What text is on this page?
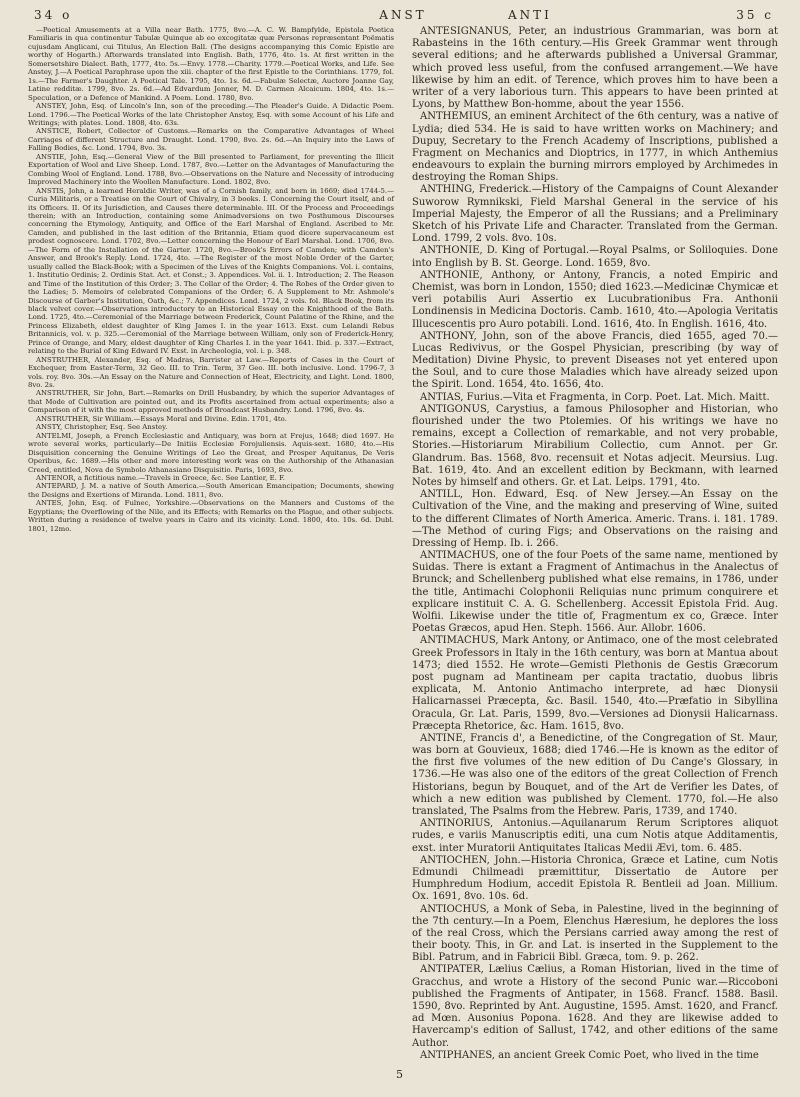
34 o	ANST	ANTI	35 c

—Poetical Amusements at a Villa near Bath. 1775, 8vo.—A. C. W. Bampfylde, Epistola Poetica Familiaris in qua continentur Tabulæ Quinque ab eo excogitatæ quæ Personas repræsentant Poëmatis cujusdam Anglicani, cui Titulus, An Election Ball. (The designs accompanying this Comic Epistle are worthy of Hogarth.) Afterwards translated into English. Bath, 1776, 4to. 1s. At first written in the Somersetshire Dialect. Bath, 1777, 4to. 5s.—Envy. 1778.—Charity. 1779.—Poetical Works, and Life. See Anstey, J.—A Poetical Paraphrase upon the xiii. chapter of the first Epistle to the Corinthians. 1779, fol. 1s.—The Farmer's Daughter. A Poetical Tale. 1795, 4to. 1s. 6d.—Fabulæ Selectæ, Auctore Joanne Gay, Latine redditæ. 1799, 8vo. 2s. 6d.—Ad Edvardum Jenner, M. D. Carmen Alcaicum. 1804, 4to. 1s.—Speculation, or a Defence of Mankind. A Poem. Lond. 1780, 8vo.

ANSTEY, John, Esq. of Lincoln's Inn, son of the preceding.—The Pleader's Guide. A Didactic Poem. Lond. 1796.—The Poetical Works of the late Christopher Anstey, Esq. with some Account of his Life and Writings; with plates. Lond. 1808, 4to. 63s.

ANSTICE, Robert, Collector of Customs.—Remarks on the Comparative Advantages of Wheel Carriages of different Structure and Draught. Lond. 1790, 8vo. 2s. 6d.—An Inquiry into the Laws of Falling Bodies, &c. Lond. 1794, 8vo. 3s.

ANSTIE, John, Esq.—General View of the Bill presented to Parliament, for preventing the Illicit Exportation of Wool and Live Sheep. Lond. 1787, 8vo.—Letter on the Advantages of Manufacturing the Combing Wool of England. Lond. 1788, 8vo.—Observations on the Nature and Necessity of introducing Improved Machinery into the Woollen Manufacture. Lond. 1802, 8vo.

ANSTIS, John, a learned Heraldic Writer, was of a Cornish family, and born in 1669; died 1744-5.—Curia Militaris, or a Treatise on the Court of Chivalry, in 3 books. I. Concerning the Court itself, and of its Officers. II. Of its Jurisdiction, and Causes there determinable. III. Of the Process and Proceedings therein; with an Introduction, containing some Animadversions on two Posthumous Discourses concerning the Etymology, Antiquity, and Office of the Earl Marshal of England. Ascribed to Mr. Camden, and published in the last edition of the Britannia, Etiam quod dicere supervacaneum est prodest cognoscere. Lond. 1702, 8vo.—Letter concerning the Honour of Earl Marshal. Lond. 1706, 8vo.—The Form of the Installation of the Garter. 1720, 8vo.—Brook's Errors of Camden; with Camden's Answer, and Brook's Reply. Lond. 1724, 4to. —The Register of the most Noble Order of the Garter, usually called the Black-Book; with a Specimen of the Lives of the Knights Companions. Vol. i. contains, 1. Institutio Ordinis; 2. Ordinis Stat. Act. et Const.; 3. Appendices. Vol. ii. 1. Introduction; 2. The Reason and Time of the Institution of this Order; 3. The Collar of the Order; 4. The Robes of the Order given to the Ladies; 5. Memoirs of celebrated Companions of the Order; 6. A Supplement to Mr. Ashmole's Discourse of Garber's Institution, Oath, &c.; 7. Appendices. Lond. 1724, 2 vols. fol. Black Book, from its black velvet cover.—Observations introductory to an Historical Essay on the Knighthood of the Bath. Lond. 1725, 4to.—Ceremonial of the Marriage between Frederick, Count Palatine of the Rhine, and the Princess Elizabeth, eldest daughter of King James I. in the year 1613. Exst. cum Lelandi Rebus Britannicis, vol. v. p. 325.—Ceremonial of the Marriage between William, only son of Frederick-Henry, Prince of Orange, and Mary, eldest daughter of King Charles I. in the year 1641. Ibid. p. 337.—Extract, relating to the Burial of King Edward IV. Exst. in Archeologia, vol. i. p. 348.

ANSTRUTHER, Alexander, Esq. of Madras, Barrister at Law.—Reports of Cases in the Court of Exchequer, from Easter-Term, 32 Geo. III. to Trin. Term, 37 Geo. III. both inclusive. Lond. 1796-7, 3 vols. roy. 8vo. 30s.—An Essay on the Nature and Connection of Heat, Electricity, and Light. Lond. 1800, 8vo. 2s.

ANSTRUTHER, Sir John, Bart.—Remarks on Drill Husbandry, by which the superior Advantages of that Mode of Cultivation are pointed out, and its Profits ascertained from actual experiments; also a Comparison of it with the most approved methods of Broadcast Husbandry. Lond. 1796, 8vo. 4s.

ANSTRUTHER, Sir William.—Essays Moral and Divine. Edin. 1701, 4to.

ANSTY, Christopher, Esq. See Anstey.

ANTELMI, Joseph, a French Ecclesiastic and Antiquary, was born at Frejus, 1648; died 1697. He wrote several works, particularly—De Initiis Ecclesiæ Forojuliensis. Aquis-sext. 1680, 4to.—His Disquisition concerning the Genuine Writings of Leo the Great, and Prosper Aquitanus, De Veris Operibus, &c. 1689.—His other and more interesting work was on the Authorship of the Athanasian Creed, entitled, Nova de Symbolo Athanasiano Disquisitio. Paris, 1693, 8vo.

ANTENOR, a fictitious name.—Travels in Greece, &c. See Lantier, E. F.

ANTEPARD, J. M. a native of South America.—South American Emancipation; Documents, shewing the Designs and Exertions of Miranda. Lond. 1811, 8vo.

ANTES, John, Esq. of Fulnec, Yorkshire.—Observations on the Manners and Customs of the Egyptians; the Overflowing of the Nile, and its Effects; with Remarks on the Plague, and other subjects. Written during a residence of twelve years in Cairo and its vicinity. Lond. 1800, 4to. 10s. 6d. Dubl. 1801, 12mo.

ANTESIGNANUS, Peter, an industrious Grammarian, was born at Rabasteins in the 16th century.—His Greek Grammar went through several editions; and he afterwards published a Universal Grammar, which proved less useful, from the confused arrangement.—We have likewise by him an edit. of Terence, which proves him to have been a writer of a very laborious turn. This appears to have been printed at Lyons, by Matthew Bon-homme, about the year 1556.

ANTHEMIUS, an eminent Architect of the 6th century, was a native of Lydia; died 534. He is said to have written works on Machinery; and Dupuy, Secretary to the French Academy of Inscriptions, published a Fragment on Mechanics and Dioptrics, in 1777, in which Anthemius endeavours to explain the burning mirrors employed by Archimedes in destroying the Roman Ships.

ANTHING, Frederick.—History of the Campaigns of Count Alexander Suworow Rymnikski, Field Marshal General in the service of his Imperial Majesty, the Emperor of all the Russians; and a Preliminary Sketch of his Private Life and Character. Translated from the German. Lond. 1799, 2 vols. 8vo. 10s.

ANTHONIE, D. King of Portugal.—Royal Psalms, or Soliloquies. Done into English by B. St. George. Lond. 1659, 8vo.

ANTHONIE, Anthony, or Antony, Francis, a noted Empiric and Chemist, was born in London, 1550; died 1623.—Medicinæ Chymicæ et veri potabilis Auri Assertio ex Lucubrationibus Fra. Anthonii Londinensis in Medicina Doctoris. Camb. 1610, 4to.—Apologia Veritatis Illucescentis pro Auro potabili. Lond. 1616, 4to. In English. 1616, 4to.

ANTHONY, John, son of the above Francis, died 1655, aged 70.—Lucas Redivivus, or the Gospel Physician, prescribing (by way of Meditation) Divine Physic, to prevent Diseases not yet entered upon the Soul, and to cure those Maladies which have already seized upon the Spirit. Lond. 1654, 4to. 1656, 4to.

ANTIAS, Furius.—Vita et Fragmenta, in Corp. Poet. Lat. Mich. Maitt.

ANTIGONUS, Carystius, a famous Philosopher and Historian, who flourished under the two Ptolemies. Of his writings we have no remains, except a Collection of remarkable, and not very probable, Stories.—Historiarum Mirabilium Collectio, cum Annot. per Gr. Glandrum. Bas. 1568, 8vo. recensuit et Notas adjecit. Meursius. Lug. Bat. 1619, 4to. And an excellent edition by Beckmann, with learned Notes by himself and others. Gr. et Lat. Leips. 1791, 4to.

ANTILL, Hon. Edward, Esq. of New Jersey.—An Essay on the Cultivation of the Vine, and the making and preserving of Wine, suited to the different Climates of North America. Americ. Trans. i. 181. 1789. —The Method of curing Figs; and Observations on the raising and Dressing of Hemp. Ib. i. 266.

ANTIMACHUS, one of the four Poets of the same name, mentioned by Suidas. There is extant a Fragment of Antimachus in the Analectus of Brunck; and Schellenberg published what else remains, in 1786, under the title, Antimachi Colophonii Reliquias nunc primum conquirere et explicare instituit C. A. G. Schellenberg. Accessit Epistola Frid. Aug. Wolfii. Likewise under the title of, Fragmentum ex co, Græce. Inter Poetas Græcos, apud Hen. Steph. 1566. Aur. Allobr. 1606.

ANTIMACHUS, Mark Antony, or Antimaco, one of the most celebrated Greek Professors in Italy in the 16th century, was born at Mantua about 1473; died 1552. He wrote—Gemisti Plethonis de Gestis Græcorum post pugnam ad Mantineam per capita tractatio, duobus libris explicata, M. Antonio Antimacho interprete, ad hæc Dionysii Halicarnassei Præcepta, &c. Basil. 1540, 4to.—Præfatio in Sibyllina Oracula, Gr. Lat. Paris, 1599, 8vo.—Versiones ad Dionysii Halicarnass. Præcepta Rhetorice, &c. Ham. 1615, 8vo.

ANTINE, Francis d', a Benedictine, of the Congregation of St. Maur, was born at Gouvieux, 1688; died 1746.—He is known as the editor of the first five volumes of the new edition of Du Cange's Glossary, in 1736.—He was also one of the editors of the great Collection of French Historians, begun by Bouquet, and of the Art de Verifier les Dates, of which a new edition was published by Clement. 1770, fol.—He also translated, The Psalms from the Hebrew. Paris, 1739, and 1740.

ANTINORIUS, Antonius.—Aquilanarum Rerum Scriptores aliquot rudes, e variis Manuscriptis editi, una cum Notis atque Additamentis, exst. inter Muratorii Antiquitates Italicas Medii Ævi, tom. 6. 485.

ANTIOCHEN, John.—Historia Chronica, Græce et Latine, cum Notis Edmundi Chilmeadi præmittitur, Dissertatio de Autore per Humphredum Hodium, accedit Epistola R. Bentleii ad Joan. Millium. Ox. 1691, 8vo. 10s. 6d.

ANTIOCHUS, a Monk of Seba, in Palestine, lived in the beginning of the 7th century.—In a Poem, Elenchus Hæresium, he deplores the loss of the real Cross, which the Persians carried away among the rest of their booty. This, in Gr. and Lat. is inserted in the Supplement to the Bibl. Patrum, and in Fabricii Bibl. Græca, tom. 9. p. 262.

ANTIPATER, Lælius Cælius, a Roman Historian, lived in the time of Gracchus, and wrote a History of the second Punic war.—Riccoboni published the Fragments of Antipater, in 1568. Francf. 1588. Basil. 1590, 8vo. Reprinted by Ant. Augustine, 1595. Amst. 1620, and Francf. ad Mœn. Ausonius Popona. 1628. And they are likewise added to Havercamp's edition of Sallust, 1742, and other editions of the same Author.

ANTIPHANES, an ancient Greek Comic Poet, who lived in the time

5
